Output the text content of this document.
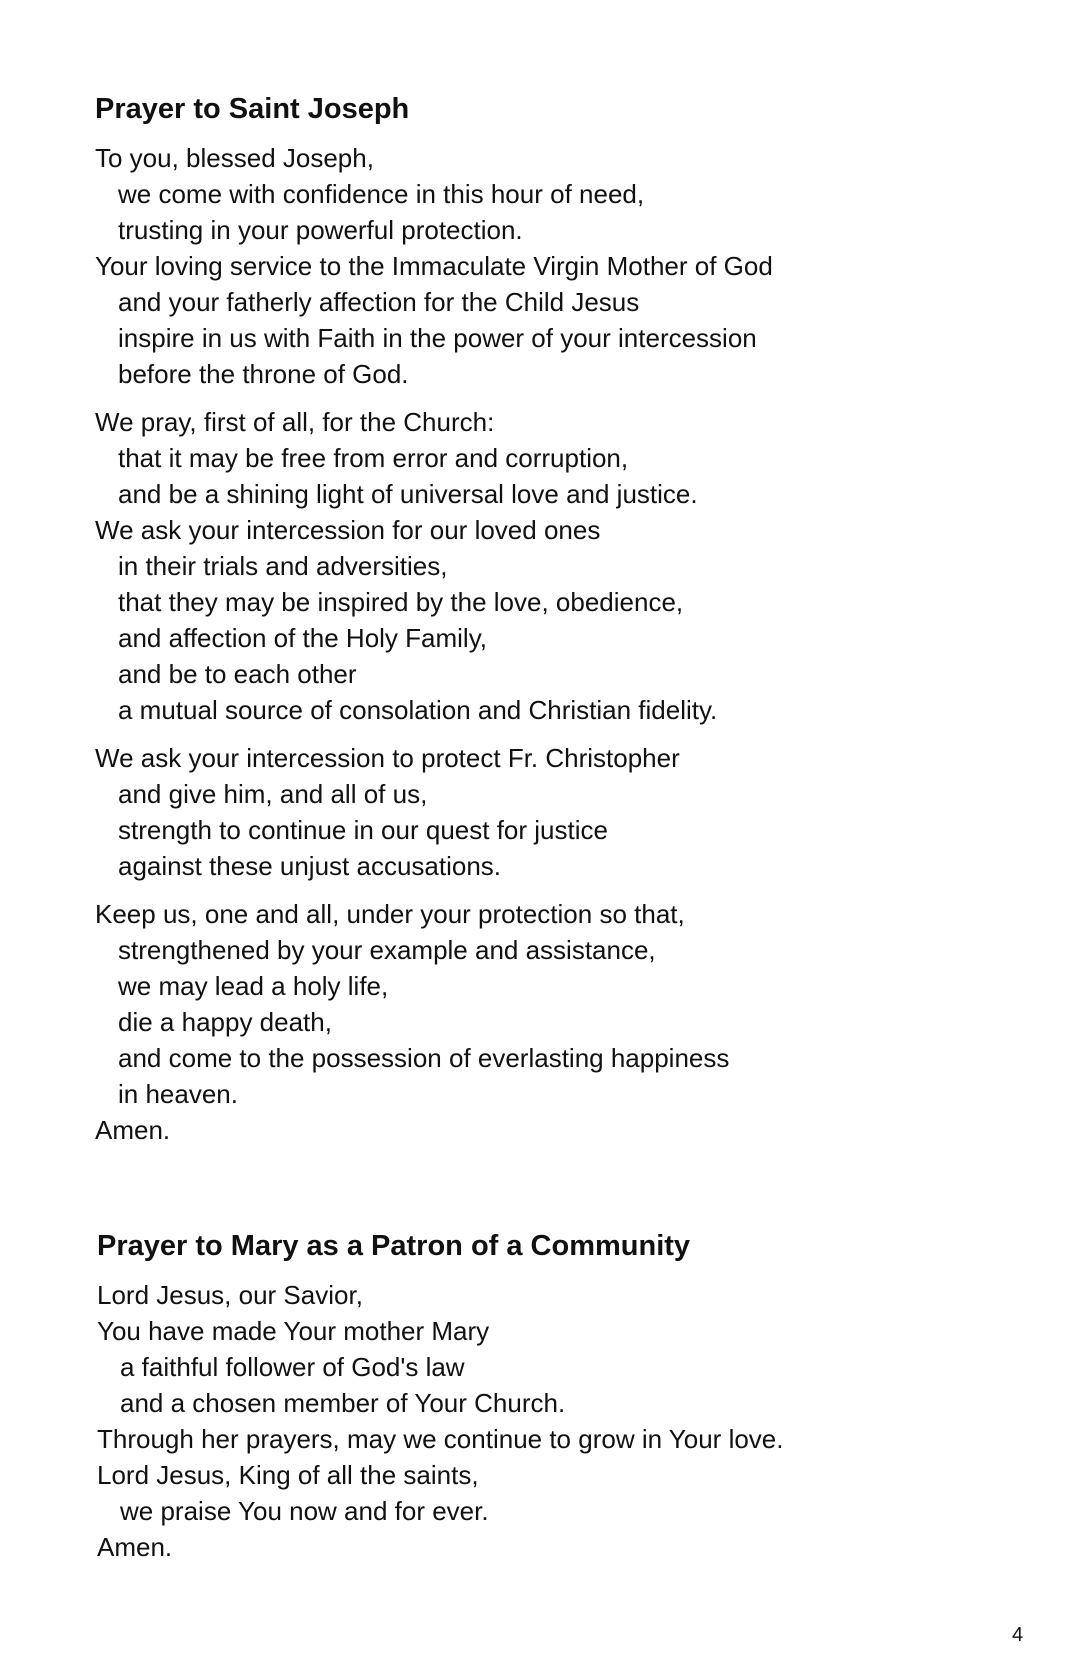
Prayer to Saint Joseph
To you, blessed Joseph,
we come with confidence in this hour of need,
trusting in your powerful protection.
Your loving service to the Immaculate Virgin Mother of God
and your fatherly affection for the Child Jesus
inspire in us with Faith in the power of your intercession
before the throne of God.
We pray, first of all, for the Church:
that it may be free from error and corruption,
and be a shining light of universal love and justice.
We ask your intercession for our loved ones
in their trials and adversities,
that they may be inspired by the love, obedience,
and affection of the Holy Family,
and be to each other
a mutual source of consolation and Christian fidelity.
We ask your intercession to protect Fr. Christopher
and give him, and all of us,
strength to continue in our quest for justice
against these unjust accusations.
Keep us, one and all, under your protection so that,
strengthened by your example and assistance,
we may lead a holy life,
die a happy death,
and come to the possession of everlasting happiness
in heaven.
Amen.
Prayer to Mary as a Patron of a Community
Lord Jesus, our Savior,
You have made Your mother Mary
a faithful follower of God's law
and a chosen member of Your Church.
Through her prayers, may we continue to grow in Your love.
Lord Jesus, King of all the saints,
we praise You now and for ever.
Amen.
4
